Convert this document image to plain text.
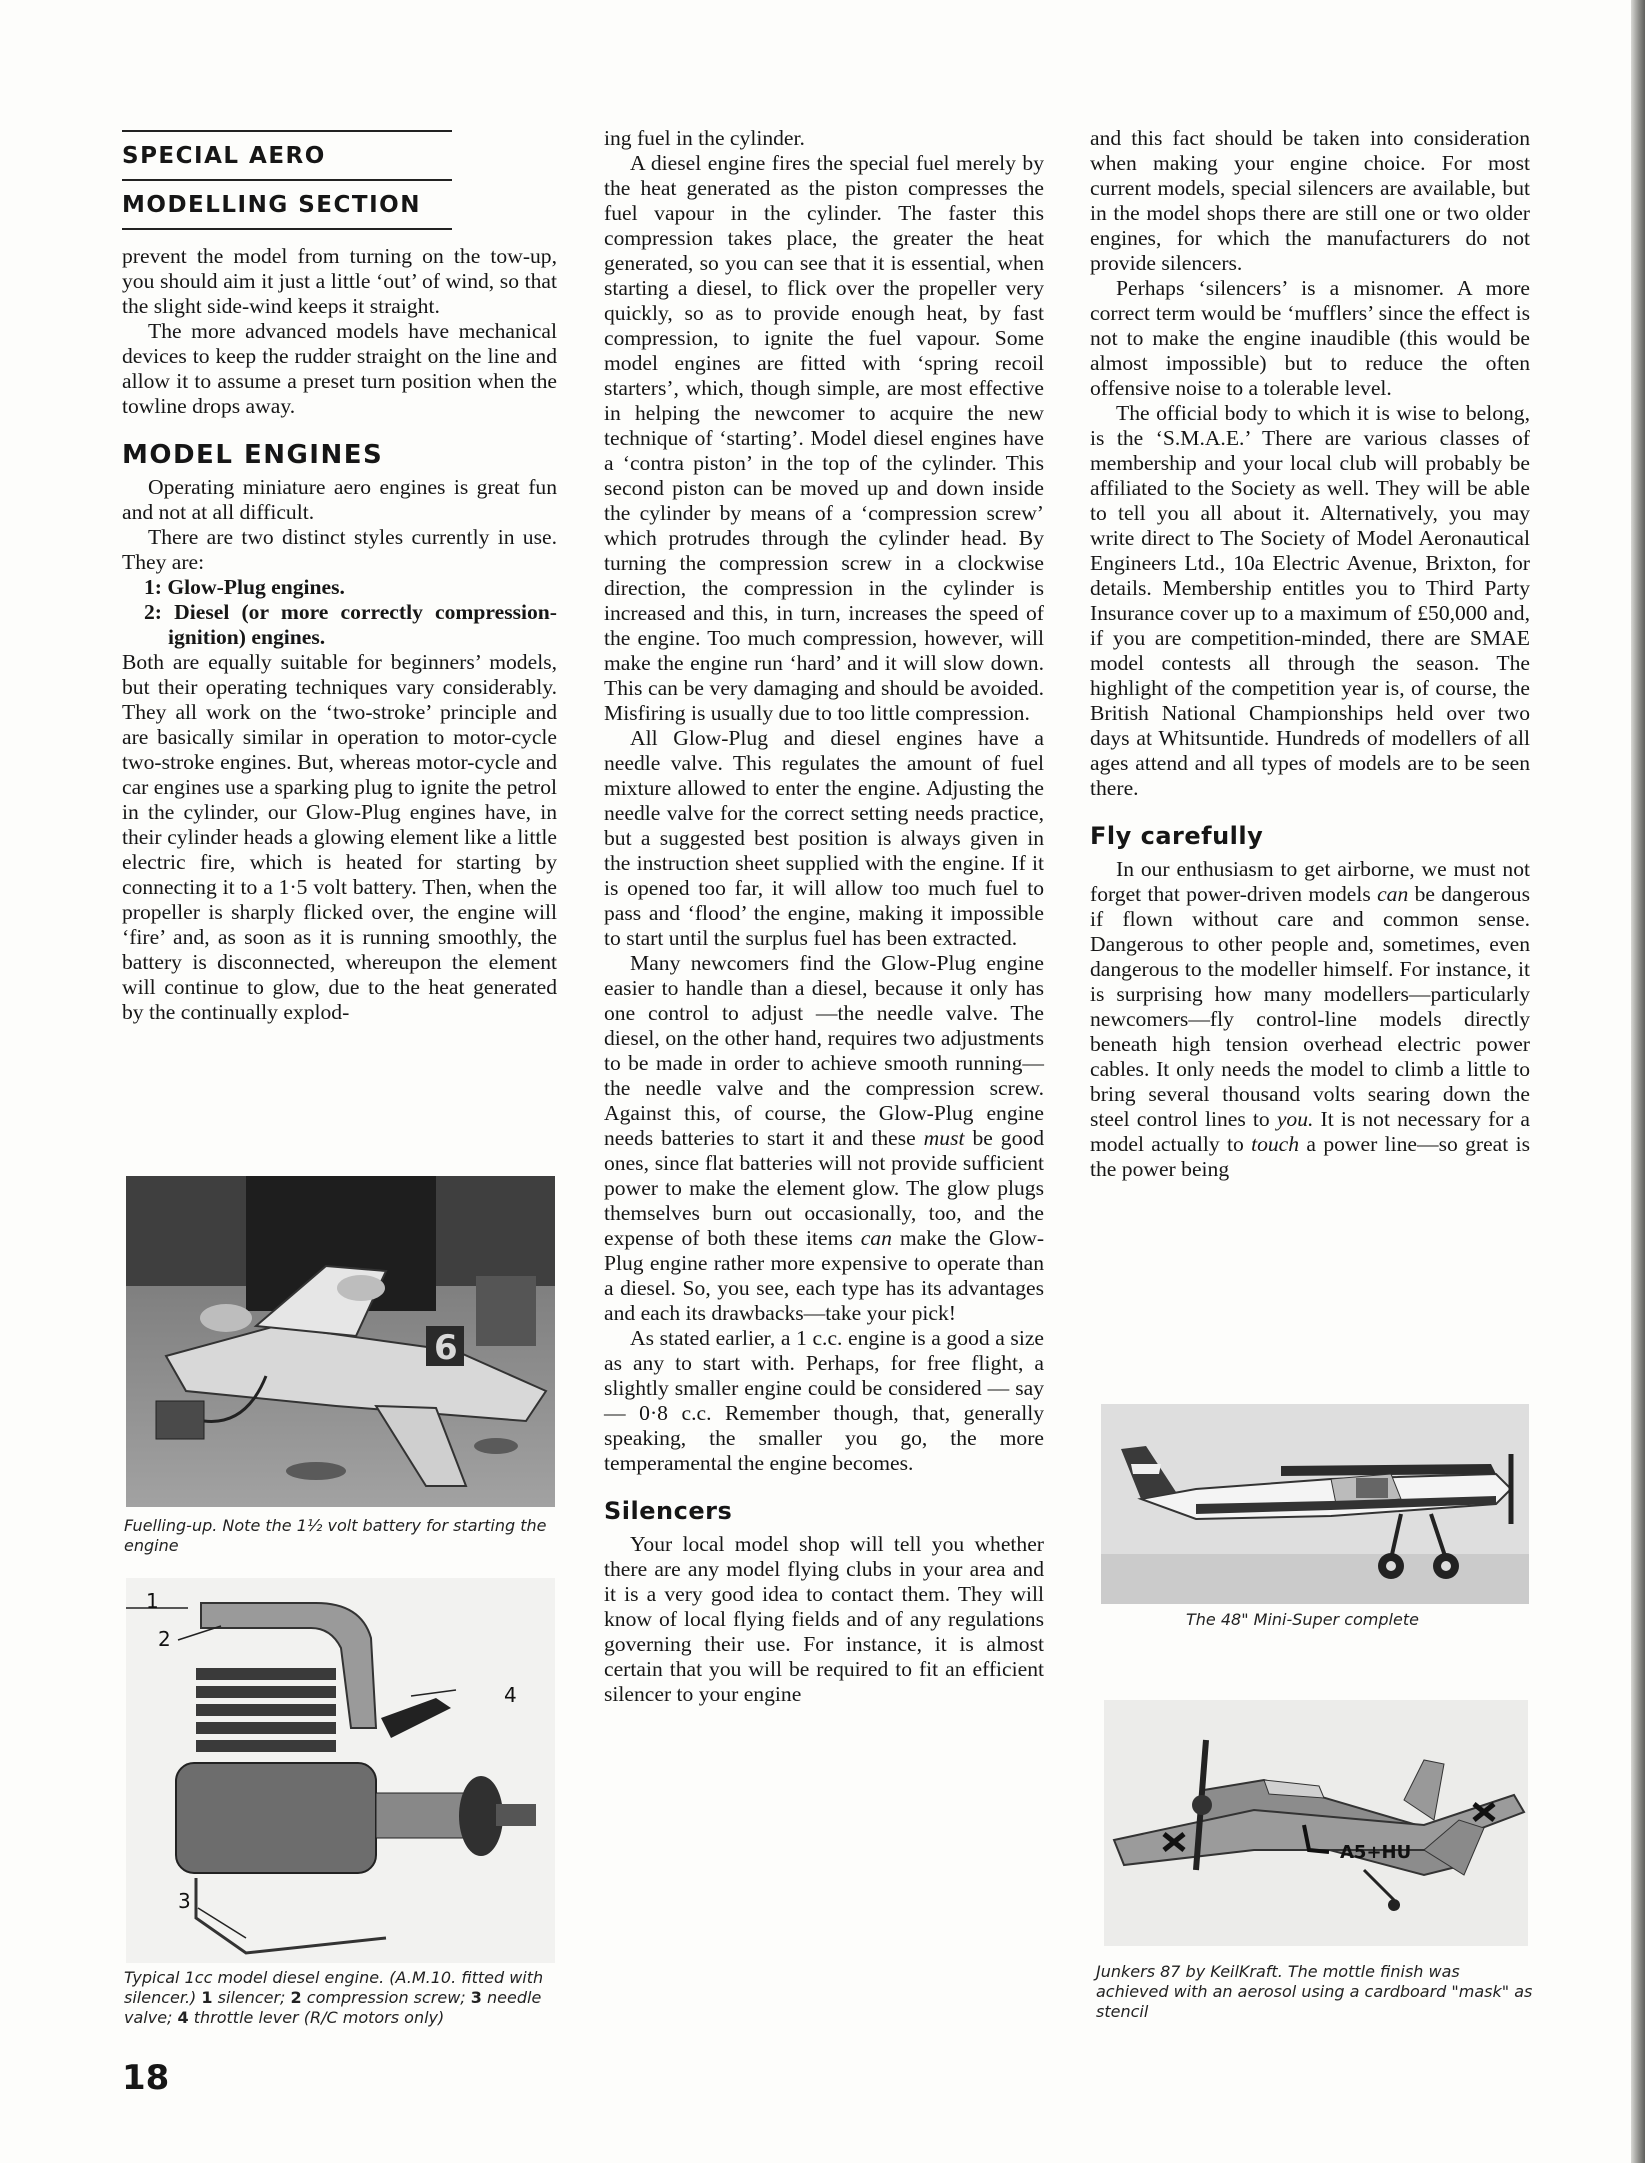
SPECIAL AERO
MODELLING SECTION

prevent the model from turning on the tow-up, you should aim it just a little ‘out’ of wind, so that the slight side-wind keeps it straight.

The more advanced models have mechanical devices to keep the rudder straight on the line and allow it to assume a preset turn position when the towline drops away.

MODEL ENGINES

Operating miniature aero engines is great fun and not at all difficult.

There are two distinct styles currently in use. They are:

1: Glow-Plug engines.

2: Diesel (or more correctly compression-ignition) engines.

Both are equally suitable for beginners’ models, but their operating techniques vary considerably. They all work on the ‘two-stroke’ principle and are basically similar in operation to motor-cycle two-stroke engines. But, whereas motor-cycle and car engines use a sparking plug to ignite the petrol in the cylinder, our Glow-Plug engines have, in their cylinder heads a glowing element like a little electric fire, which is heated for starting by connecting it to a 1·5 volt battery. Then, when the propeller is sharply flicked over, the engine will ‘fire’ and, as soon as it is running smoothly, the battery is disconnected, whereupon the element will continue to glow, due to the heat generated by the continually explod-

6
Fuelling-up. Note the 1½ volt battery for starting the engine
1
2
3
4
Typical 1cc model diesel engine. (A.M.10. fitted with silencer.) 1 silencer; 2 compression screw; 3 needle valve; 4 throttle lever (R/C motors only)

ing fuel in the cylinder.

A diesel engine fires the special fuel merely by the heat generated as the piston compresses the fuel vapour in the cylinder. The faster this compression takes place, the greater the heat generated, so you can see that it is essential, when starting a diesel, to flick over the propeller very quickly, so as to provide enough heat, by fast compression, to ignite the fuel vapour. Some model engines are fitted with ‘spring recoil starters’, which, though simple, are most effective in helping the newcomer to acquire the new technique of ‘starting’. Model diesel engines have a ‘contra piston’ in the top of the cylinder. This second piston can be moved up and down inside the cylinder by means of a ‘compression screw’ which protrudes through the cylinder head. By turning the compression screw in a clockwise direction, the compression in the cylinder is increased and this, in turn, increases the speed of the engine. Too much compression, however, will make the engine run ‘hard’ and it will slow down. This can be very damaging and should be avoided. Misfiring is usually due to too little compression.

All Glow-Plug and diesel engines have a needle valve. This regulates the amount of fuel mixture allowed to enter the engine. Adjusting the needle valve for the correct setting needs practice, but a suggested best position is always given in the instruction sheet supplied with the engine. If it is opened too far, it will allow too much fuel to pass and ‘flood’ the engine, making it impossible to start until the surplus fuel has been extracted.

Many newcomers find the Glow-Plug engine easier to handle than a diesel, because it only has one control to adjust —the needle valve. The diesel, on the other hand, requires two adjustments to be made in order to achieve smooth running—the needle valve and the compression screw. Against this, of course, the Glow-Plug engine needs batteries to start it and these must be good ones, since flat batteries will not provide sufficient power to make the element glow. The glow plugs themselves burn out occasionally, too, and the expense of both these items can make the Glow-Plug engine rather more expensive to operate than a diesel. So, you see, each type has its advantages and each its drawbacks—take your pick!

As stated earlier, a 1 c.c. engine is a good a size as any to start with. Perhaps, for free flight, a slightly smaller engine could be considered — say — 0·8 c.c. Remember though, that, generally speaking, the smaller you go, the more temperamental the engine becomes.

Silencers

Your local model shop will tell you whether there are any model flying clubs in your area and it is a very good idea to contact them. They will know of local flying fields and of any regulations governing their use. For instance, it is almost certain that you will be required to fit an efficient silencer to your engine

and this fact should be taken into consideration when making your engine choice. For most current models, special silencers are available, but in the model shops there are still one or two older engines, for which the manufacturers do not provide silencers.

Perhaps ‘silencers’ is a misnomer. A more correct term would be ‘mufflers’ since the effect is not to make the engine inaudible (this would be almost impossible) but to reduce the often offensive noise to a tolerable level.

The official body to which it is wise to belong, is the ‘S.M.A.E.’ There are various classes of membership and your local club will probably be affiliated to the Society as well. They will be able to tell you all about it. Alternatively, you may write direct to The Society of Model Aeronautical Engineers Ltd., 10a Electric Avenue, Brixton, for details. Membership entitles you to Third Party Insurance cover up to a maximum of £50,000 and, if you are competition-minded, there are SMAE model contests all through the season. The highlight of the competition year is, of course, the British National Championships held over two days at Whitsuntide. Hundreds of modellers of all ages attend and all types of models are to be seen there.

Fly carefully

In our enthusiasm to get airborne, we must not forget that power-driven models can be dangerous if flown without care and common sense. Dangerous to other people and, sometimes, even dangerous to the modeller himself. For instance, it is surprising how many modellers—particularly newcomers—fly control-line models directly beneath high tension overhead electric power cables. It only needs the model to climb a little to bring several thousand volts searing down the steel control lines to you. It is not necessary for a model actually to touch a power line—so great is the power being

The 48" Mini-Super complete
A5+HU
Junkers 87 by KeilKraft. The mottle finish was achieved with an aerosol using a cardboard "mask" as stencil
18
